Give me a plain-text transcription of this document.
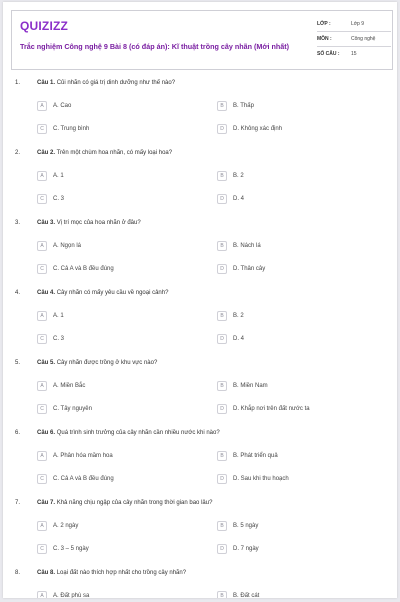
QUIZIZZ
Trắc nghiệm Công nghệ 9 Bài 8 (có đáp án): Kĩ thuật trồng cây nhãn (Mới nhất)
LỚP :	Lớp 9
MÔN :	Công nghệ
SỐ CÂU :	15
1.	Câu 1. Củi nhãn có giá trị dinh dưỡng như thế nào?
A	A. Cao	B	B. Thấp
C	C. Trung bình	D	D. Không xác định
2.	Câu 2. Trên một chùm hoa nhãn, có mấy loại hoa?
A	A. 1	B	B. 2
C	C. 3	D	D. 4
3.	Câu 3. Vị trí mọc của hoa nhãn ở đâu?
A	A. Ngọn lá	B	B. Nách lá
C	C. Cả A và B đều đúng	D	D. Thân cây
4.	Câu 4. Cây nhãn có mấy yêu cầu về ngoại cảnh?
A	A. 1	B	B. 2
C	C. 3	D	D. 4
5.	Câu 5. Cây nhãn được trồng ở khu vực nào?
A	A. Miền Bắc	B	B. Miền Nam
C	C. Tây nguyên	D	D. Khắp nơi trên đất nước ta
6.	Câu 6. Quá trình sinh trưởng của cây nhãn cần nhiều nước khi nào?
A	A. Phân hóa mầm hoa	B	B. Phát triển quả
C	C. Cả A và B đều đúng	D	D. Sau khi thu hoạch
7.	Câu 7. Khả năng chịu ngập của cây nhãn trong thời gian bao lâu?
A	A. 2 ngày	B	B. 5 ngày
C	C. 3 – 5 ngày	D	D. 7 ngày
8.	Câu 8. Loại đất nào thích hợp nhất cho trồng cây nhãn?
A	A. Đất phù sa	B	B. Đất cát
